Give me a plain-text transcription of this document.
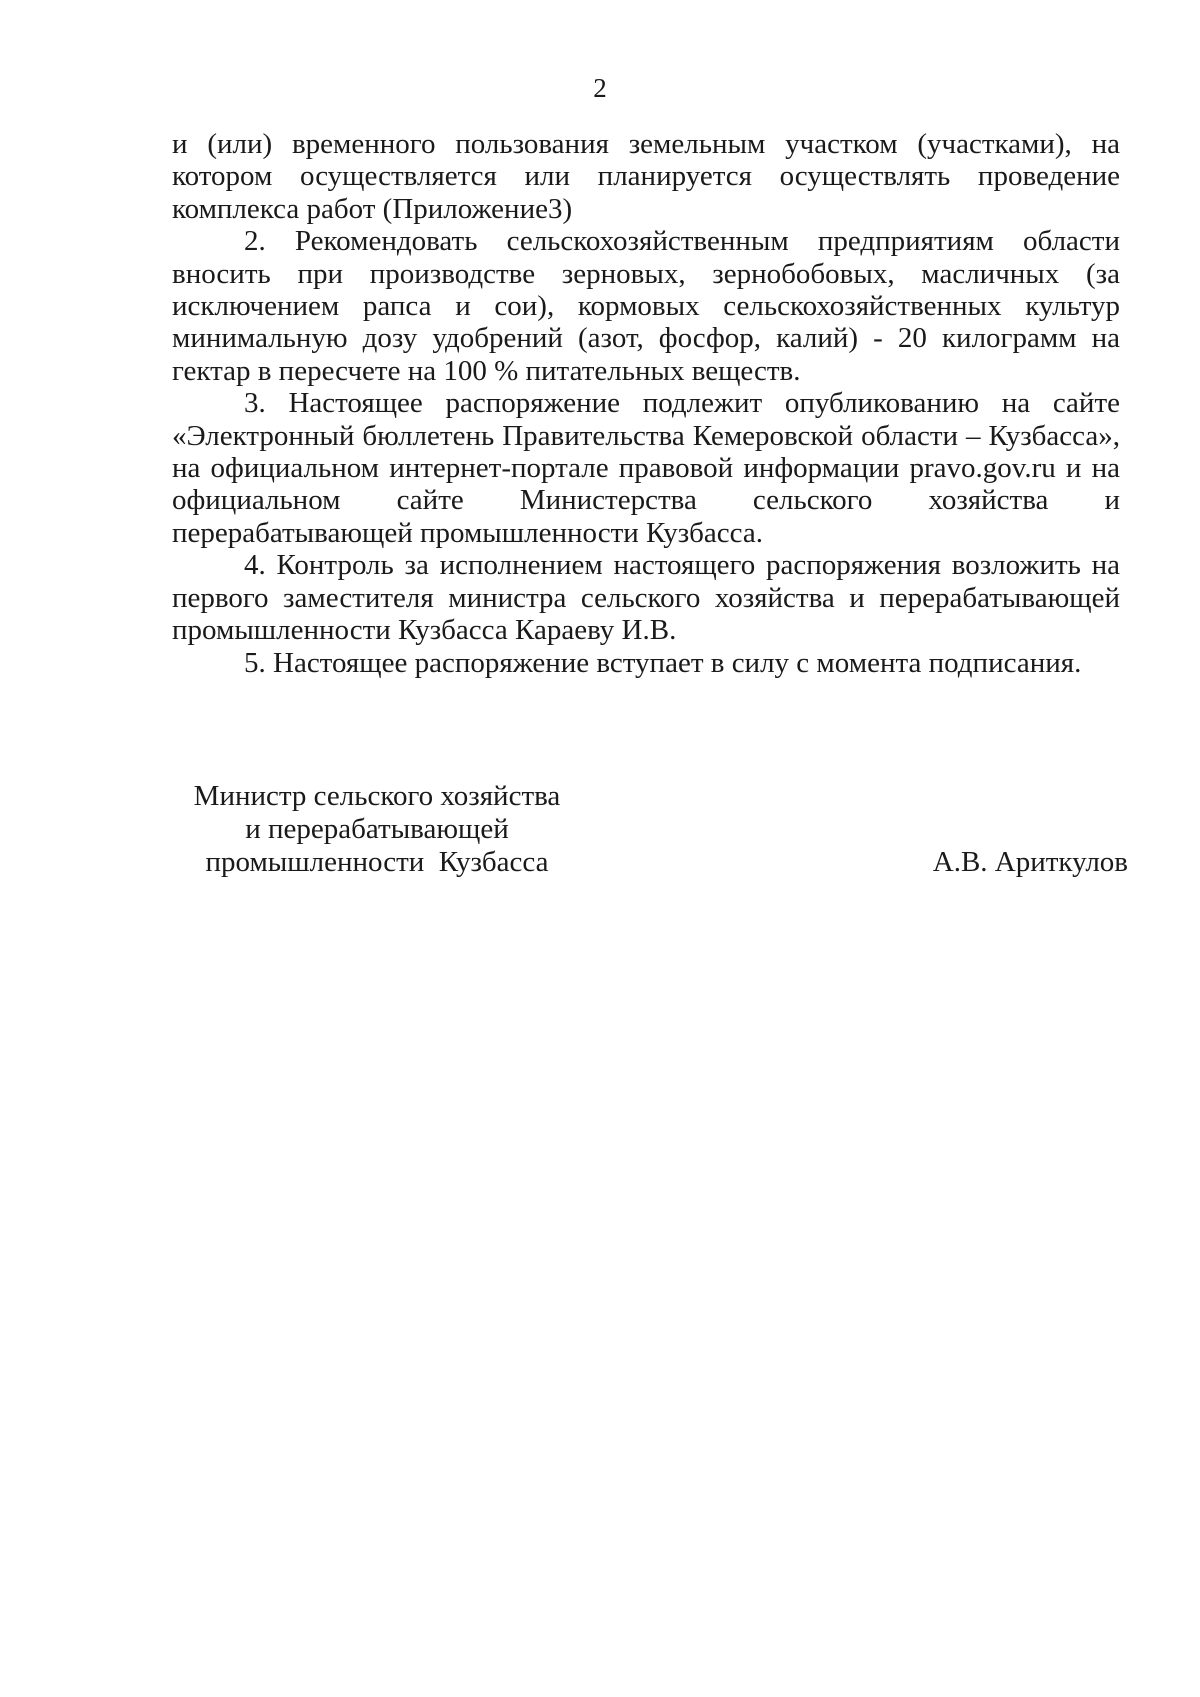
2

и (или) временного пользования земельным участком (участками), на котором осуществляется или планируется осуществлять проведение комплекса работ (Приложение3)

2. Рекомендовать сельскохозяйственным предприятиям области вносить при производстве зерновых, зернобобовых, масличных (за исключением рапса и сои), кормовых сельскохозяйственных культур минимальную дозу удобрений (азот, фосфор, калий) - 20 килограмм на гектар в пересчете на 100 % питательных веществ.

3. Настоящее распоряжение подлежит опубликованию на сайте «Электронный бюллетень Правительства Кемеровской области – Кузбасса», на официальном интернет-портале правовой информации pravo.gov.ru и на официальном сайте Министерства сельского хозяйства и перерабатывающей промышленности Кузбасса.

4. Контроль за исполнением настоящего распоряжения возложить на первого заместителя министра сельского хозяйства и перерабатывающей промышленности Кузбасса Караеву И.В.

5. Настоящее распоряжение вступает в силу с момента подписания.

Министр сельского хозяйства
и перерабатывающей
промышленности  Кузбасса	А.В. Ариткулов
